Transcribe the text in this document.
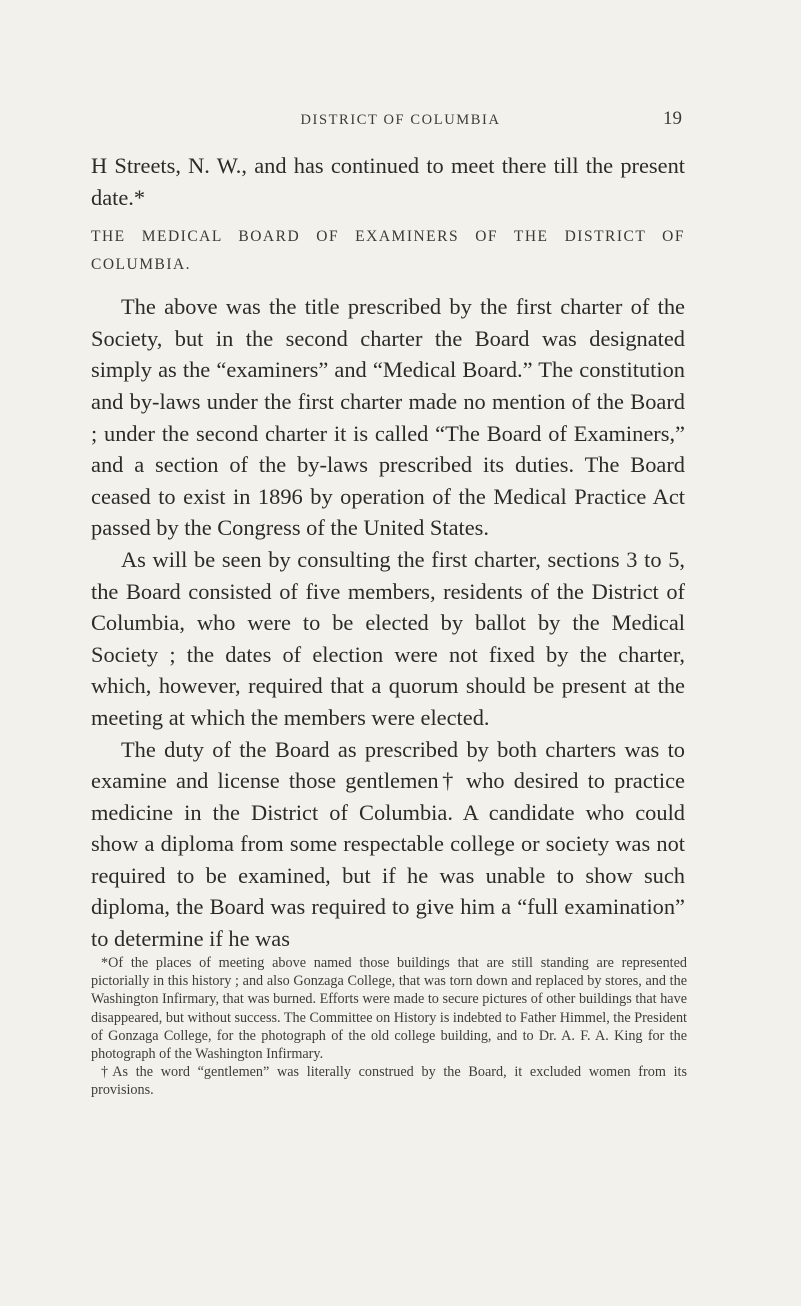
DISTRICT OF COLUMBIA	19

H Streets, N. W., and has continued to meet there till the present date.*

THE MEDICAL BOARD OF EXAMINERS OF THE DISTRICT OF COLUMBIA.

The above was the title prescribed by the first charter of the Society, but in the second charter the Board was designated simply as the “examiners” and “Medical Board.” The constitution and by-laws under the first charter made no mention of the Board ; under the second charter it is called “The Board of Examiners,” and a section of the by-laws prescribed its duties. The Board ceased to exist in 1896 by operation of the Medical Practice Act passed by the Congress of the United States.

As will be seen by consulting the first charter, sections 3 to 5, the Board consisted of five members, residents of the District of Columbia, who were to be elected by ballot by the Medical Society ; the dates of election were not fixed by the charter, which, however, required that a quorum should be present at the meeting at which the members were elected.

The duty of the Board as prescribed by both charters was to examine and license those gentlemen† who desired to practice medicine in the District of Columbia. A candidate who could show a diploma from some respectable college or society was not required to be examined, but if he was unable to show such diploma, the Board was required to give him a “full examination” to determine if he was

*Of the places of meeting above named those buildings that are still standing are represented pictorially in this history ; and also Gonzaga College, that was torn down and replaced by stores, and the Washington Infirmary, that was burned. Efforts were made to secure pictures of other buildings that have disappeared, but without success. The Committee on History is indebted to Father Himmel, the President of Gonzaga College, for the photograph of the old college building, and to Dr. A. F. A. King for the photograph of the Washington Infirmary.

†As the word “gentlemen” was literally construed by the Board, it excluded women from its provisions.
